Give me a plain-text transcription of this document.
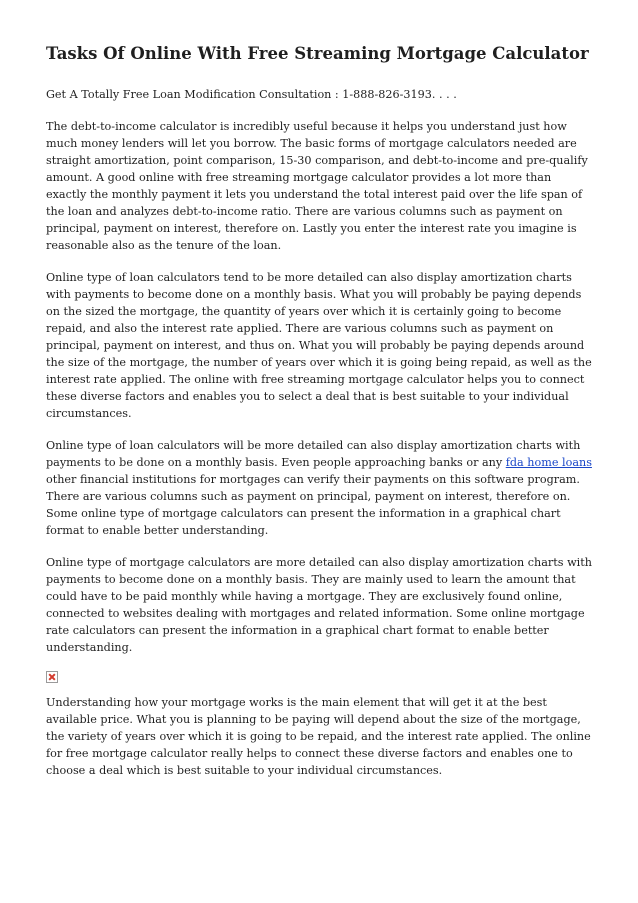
Tasks Of Online With Free Streaming Mortgage Calculator

Get A Totally Free Loan Modification Consultation : 1-888-826-3193. . . .

The debt-to-income calculator is incredibly useful because it helps you understand just how much money lenders will let you borrow. The basic forms of mortgage calculators needed are straight amortization, point comparison, 15-30 comparison, and debt-to-income and pre-qualify amount. A good online with free streaming mortgage calculator provides a lot more than exactly the monthly payment it lets you understand the total interest paid over the life span of the loan and analyzes debt-to-income ratio. There are various columns such as payment on principal, payment on interest, therefore on. Lastly you enter the interest rate you imagine is reasonable also as the tenure of the loan.

Online type of loan calculators tend to be more detailed can also display amortization charts with payments to become done on a monthly basis. What you will probably be paying depends on the sized the mortgage, the quantity of years over which it is certainly going to become repaid, and also the interest rate applied. There are various columns such as payment on principal, payment on interest, and thus on. What you will probably be paying depends around the size of the mortgage, the number of years over which it is going being repaid, as well as the interest rate applied. The online with free streaming mortgage calculator helps you to connect these diverse factors and enables you to select a deal that is best suitable to your individual circumstances.

Online type of loan calculators will be more detailed can also display amortization charts with payments to be done on a monthly basis. Even people approaching banks or any fda home loans other financial institutions for mortgages can verify their payments on this software program. There are various columns such as payment on principal, payment on interest, therefore on. Some online type of mortgage calculators can present the information in a graphical chart format to enable better understanding.

Online type of mortgage calculators are more detailed can also display amortization charts with payments to become done on a monthly basis. They are mainly used to learn the amount that could have to be paid monthly while having a mortgage. They are exclusively found online, connected to websites dealing with mortgages and related information. Some online mortgage rate calculators can present the information in a graphical chart format to enable better understanding.

Understanding how your mortgage works is the main element that will get it at the best available price. What you is planning to be paying will depend about the size of the mortgage, the variety of years over which it is going to be repaid, and the interest rate applied. The online for free mortgage calculator really helps to connect these diverse factors and enables one to choose a deal which is best suitable to your individual circumstances.
